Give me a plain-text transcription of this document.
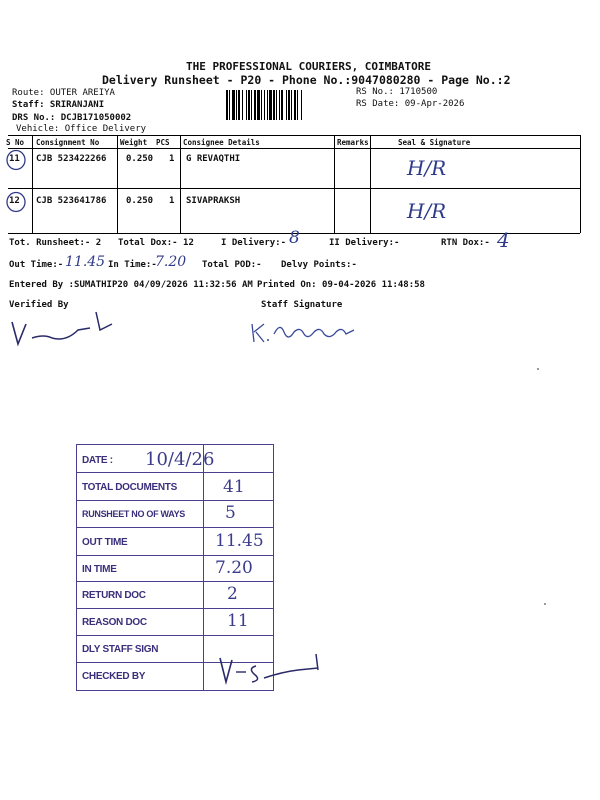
THE PROFESSIONAL COURIERS, COIMBATORE
Delivery Runsheet - P20 - Phone No.:9047080280 - Page No.:2
Route: OUTER AREIYA
Staff: SRIRANJANI
DRS No.: DCJB171050002
Vehicle: Office Delivery
RS No.: 1710500
RS Date: 09-Apr-2026
S No Consignment No	Weight PCS Consignee Details	Remarks	Seal & Signature
11 CJB 523422266 0.250 1 G REVAQTHI	H/R
12 CJB 523641786 0.250 1 SIVAPRAKSH	H/R
Tot. Runsheet:- 2 Total Dox:- 12	I Delivery:- 8	II Delivery:-	RTN Dox:- 4
Out Time:- 11.45 In Time:-
7.20 Total POD:- Delvy Points:-
Entered By :SUMATHIP20 04/09/2026 11:32:56 AM Printed On: 09-04-2026 11:48:58
Verified By	Staff Signature
DATE : 10/4/26
TOTAL DOCUMENTS	41
RUNSHEET NO OF WAYS 5
OUT TIME	11.45
IN TIME	7.20
RETURN DOC	2
REASON DOC	11
DLY STAFF SIGN
CHECKED BY
